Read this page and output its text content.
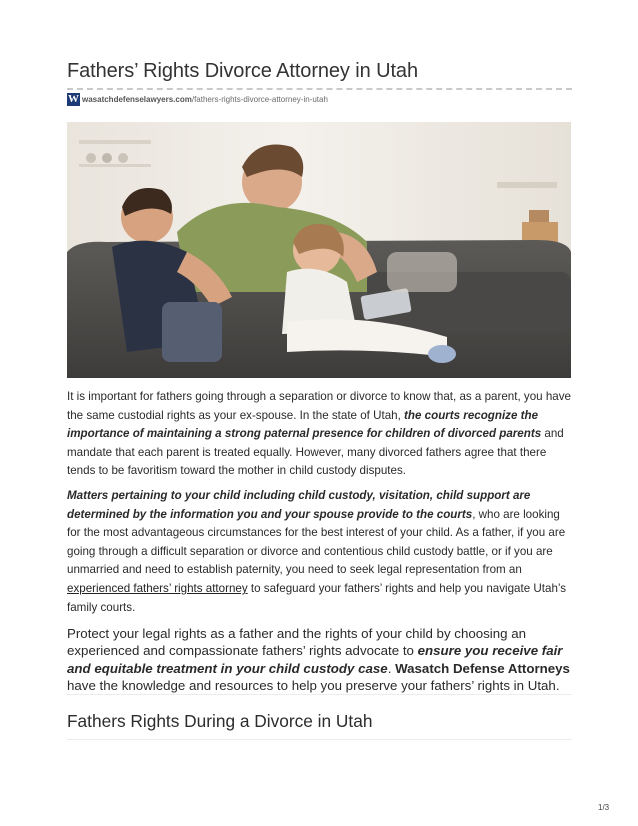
Fathers’ Rights Divorce Attorney in Utah
W wasatchdefenselawyers.com/fathers-rights-divorce-attorney-in-utah

It is important for fathers going through a separation or divorce to know that, as a parent, you have the same custodial rights as your ex-spouse. In the state of Utah, the courts recognize the importance of maintaining a strong paternal presence for children of divorced parents and mandate that each parent is treated equally. However, many divorced fathers agree that there tends to be favoritism toward the mother in child custody disputes.

Matters pertaining to your child including child custody, visitation, child support are determined by the information you and your spouse provide to the courts, who are looking for the most advantageous circumstances for the best interest of your child. As a father, if you are going through a difficult separation or divorce and contentious child custody battle, or if you are unmarried and need to establish paternity, you need to seek legal representation from an experienced fathers’ rights attorney to safeguard your fathers’ rights and help you navigate Utah’s family courts.

Protect your legal rights as a father and the rights of your child by choosing an experienced and compassionate fathers’ rights advocate to ensure you receive fair and equitable treatment in your child custody case. Wasatch Defense Attorneys have the knowledge and resources to help you preserve your fathers’ rights in Utah.

Fathers Rights During a Divorce in Utah
1/3
